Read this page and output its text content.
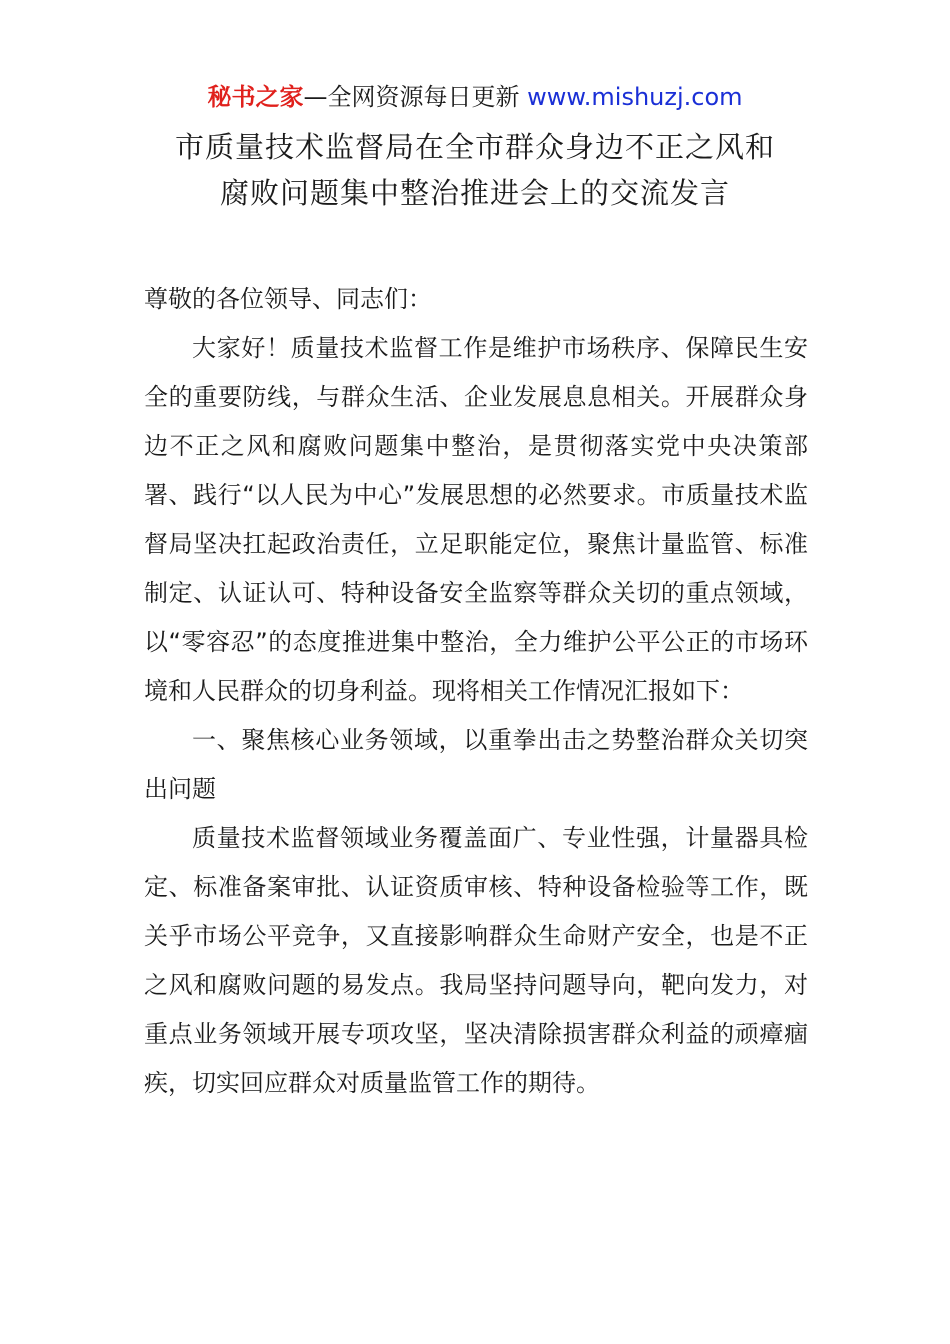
秘书之家—全网资源每日更新 www.mishuzj.com
市质量技术监督局在全市群众身边不正之风和
腐败问题集中整治推进会上的交流发言

尊敬的各位领导、同志们：

大家好！质量技术监督工作是维护市场秩序、保障民生安全的重要防线，与群众生活、企业发展息息相关。开展群众身边不正之风和腐败问题集中整治，是贯彻落实党中央决策部署、践行“以人民为中心”发展思想的必然要求。市质量技术监督局坚决扛起政治责任，立足职能定位，聚焦计量监管、标准制定、认证认可、特种设备安全监察等群众关切的重点领域，以“零容忍”的态度推进集中整治，全力维护公平公正的市场环境和人民群众的切身利益。现将相关工作情况汇报如下：

一、聚焦核心业务领域，以重拳出击之势整治群众关切突出问题

质量技术监督领域业务覆盖面广、专业性强，计量器具检定、标准备案审批、认证资质审核、特种设备检验等工作，既关乎市场公平竞争，又直接影响群众生命财产安全，也是不正之风和腐败问题的易发点。我局坚持问题导向，靶向发力，对重点业务领域开展专项攻坚，坚决清除损害群众利益的顽瘴痼疾，切实回应群众对质量监管工作的期待。
